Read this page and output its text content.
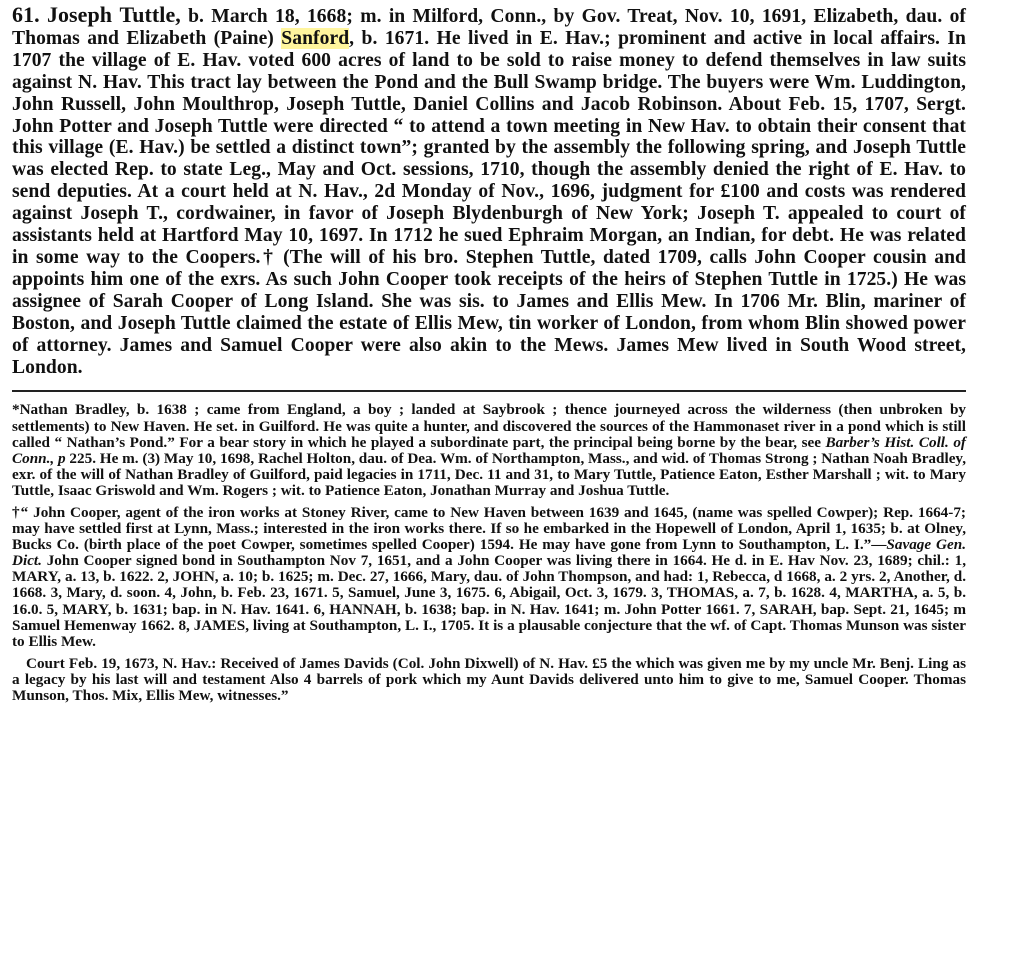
61. Joseph Tuttle, b. March 18, 1668; m. in Milford, Conn., by Gov. Treat, Nov. 10, 1691, Elizabeth, dau. of Thomas and Elizabeth (Paine) Sanford, b. 1671. He lived in E. Hav.; prominent and active in local affairs. In 1707 the village of E. Hav. voted 600 acres of land to be sold to raise money to defend themselves in law suits against N. Hav. This tract lay between the Pond and the Bull Swamp bridge. The buyers were Wm. Luddington, John Russell, John Moulthrop, Joseph Tuttle, Daniel Collins and Jacob Robinson. About Feb. 15, 1707, Sergt. John Potter and Joseph Tuttle were directed “ to attend a town meeting in New Hav. to obtain their consent that this village (E. Hav.) be settled a distinct town”; granted by the assembly the following spring, and Joseph Tuttle was elected Rep. to state Leg., May and Oct. sessions, 1710, though the assembly denied the right of E. Hav. to send deputies. At a court held at N. Hav., 2d Monday of Nov., 1696, judgment for £100 and costs was rendered against Joseph T., cordwainer, in favor of Joseph Blydenburgh of New York; Joseph T. appealed to court of assistants held at Hartford May 10, 1697. In 1712 he sued Ephraim Morgan, an Indian, for debt. He was related in some way to the Coopers.† (The will of his bro. Stephen Tuttle, dated 1709, calls John Cooper cousin and appoints him one of the exrs. As such John Cooper took receipts of the heirs of Stephen Tuttle in 1725.) He was assignee of Sarah Cooper of Long Island. She was sis. to James and Ellis Mew. In 1706 Mr. Blin, mariner of Boston, and Joseph Tuttle claimed the estate of Ellis Mew, tin worker of London, from whom Blin showed power of attorney. James and Samuel Cooper were also akin to the Mews. James Mew lived in South Wood street, London.

*Nathan Bradley, b. 1638 ; came from England, a boy ; landed at Saybrook ; thence journeyed across the wilderness (then unbroken by settlements) to New Haven. He set. in Guilford. He was quite a hunter, and discovered the sources of the Hammonaset river in a pond which is still called “ Nathan’s Pond.” For a bear story in which he played a subordinate part, the principal being borne by the bear, see Barber’s Hist. Coll. of Conn., p 225. He m. (3) May 10, 1698, Rachel Holton, dau. of Dea. Wm. of Northampton, Mass., and wid. of Thomas Strong ; Nathan Noah Bradley, exr. of the will of Nathan Bradley of Guilford, paid legacies in 1711, Dec. 11 and 31, to Mary Tuttle, Patience Eaton, Esther Marshall ; wit. to Mary Tuttle, Isaac Griswold and Wm. Rogers ; wit. to Patience Eaton, Jonathan Murray and Joshua Tuttle.

†“ John Cooper, agent of the iron works at Stoney River, came to New Haven between 1639 and 1645, (name was spelled Cowper); Rep. 1664-7; may have settled first at Lynn, Mass.; interested in the iron works there. If so he embarked in the Hopewell of London, April 1, 1635; b. at Olney, Bucks Co. (birth place of the poet Cowper, sometimes spelled Cooper) 1594. He may have gone from Lynn to Southampton, L. I.”—Savage Gen. Dict. John Cooper signed bond in Southampton Nov 7, 1651, and a John Cooper was living there in 1664. He d. in E. Hav Nov. 23, 1689; chil.: 1, MARY, a. 13, b. 1622. 2, JOHN, a. 10; b. 1625; m. Dec. 27, 1666, Mary, dau. of John Thompson, and had: 1, Rebecca, d 1668, a. 2 yrs. 2, Another, d. 1668. 3, Mary, d. soon. 4, John, b. Feb. 23, 1671. 5, Samuel, June 3, 1675. 6, Abigail, Oct. 3, 1679. 3, THOMAS, a. 7, b. 1628. 4, MARTHA, a. 5, b. 16.0. 5, MARY, b. 1631; bap. in N. Hav. 1641. 6, HANNAH, b. 1638; bap. in N. Hav. 1641; m. John Potter 1661. 7, SARAH, bap. Sept. 21, 1645; m Samuel Hemenway 1662. 8, JAMES, living at Southampton, L. I., 1705. It is a plausable conjecture that the wf. of Capt. Thomas Munson was sister to Ellis Mew.

Court Feb. 19, 1673, N. Hav.: Received of James Davids (Col. John Dixwell) of N. Hav. £5 the which was given me by my uncle Mr. Benj. Ling as a legacy by his last will and testament Also 4 barrels of pork which my Aunt Davids delivered unto him to give to me, Samuel Cooper. Thomas Munson, Thos. Mix, Ellis Mew, witnesses.”
